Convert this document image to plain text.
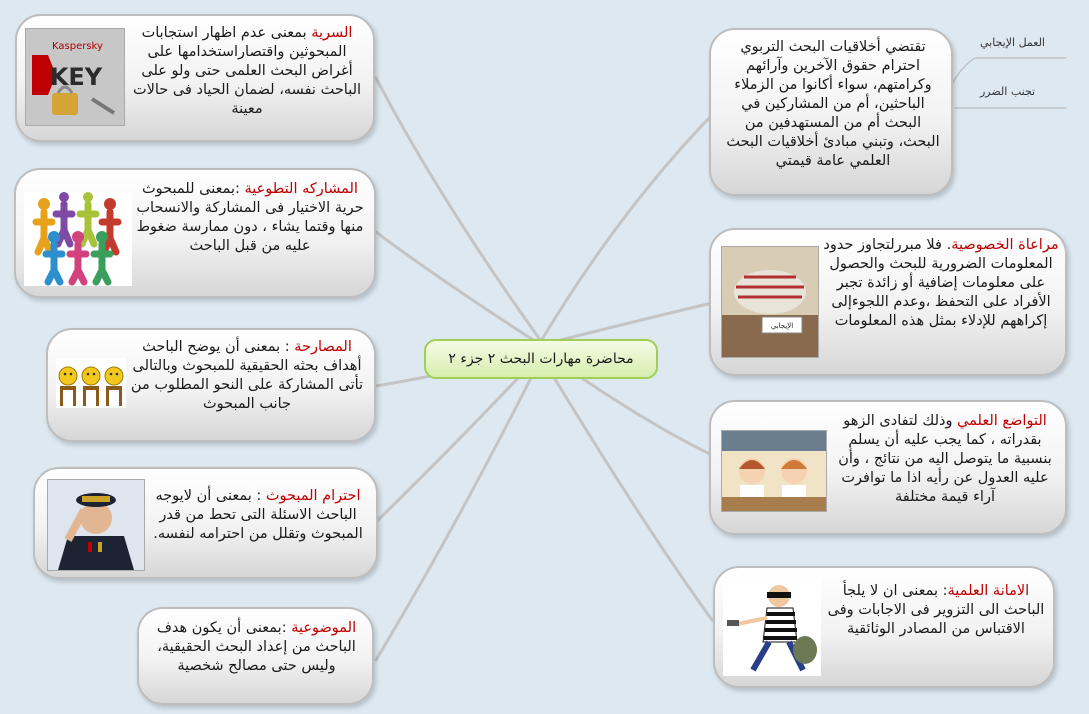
العمل الإيجابي
تجنب الضرر
محاضرة مهارات البحث ٢ جزء ٢
تقتضي أخلاقيات البحث التربوي احترام حقوق الآخرين وآرائهم وكرامتهم، سواء أكانوا من الزملاء الباحثين، أم من المشاركين في البحث أم من المستهدفين من البحث، وتبني مبادئ أخلاقيات البحث العلمي عامة قيمتي
الإيجابي
مراعاة الخصوصية. فلا مبررلتجاوز حدود المعلومات الضرورية للبحث والحصول على معلومات إضافية أو زائدة تجبر الأفراد على التحفظ ،وعدم اللجوءإلى إكراههم للإدلاء بمثل هذه المعلومات
التواضع العلمي وذلك لتفادى الزهو بقدراته ، كما يجب عليه أن يسلم بنسبية ما يتوصل اليه من نتائج ، وأن عليه العدول عن رأيه اذا ما توافرت آراء قيمة مختلفة
الامانة العلمية: بمعنى ان لا يلجأ الباحث الى التزوير فى الاجابات وفى الاقتباس من المصادر الوثائقية
Kaspersky
KEY
السرية بمعنى عدم اظهار استجابات المبحوثين واقتصاراستخدامها على أغراض البحث العلمى حتى ولو على الباحث نفسه، لضمان الحياد فى حالات معينة
المشاركه التطوعية :بمعنى للمبحوث حرية الاختيار فى المشاركة والانسحاب منها وقتما يشاء ، دون ممارسة ضغوط عليه من قبل الباحث
المصارحة : بمعنى أن يوضح الباحث أهداف بحثه الحقيقية للمبحوث وبالتالى تأتى المشاركة على النحو المطلوب من جانب المبحوث
احترام المبحوث : بمعنى أن لايوجه الباحث الاسئلة التى تحط من قدر المبحوث وتقلل من احترامه لنفسه.
الموضوعية :بمعنى أن يكون هدف الباحث من إعداد البحث الحقيقية، وليس حتى مصالح شخصية
